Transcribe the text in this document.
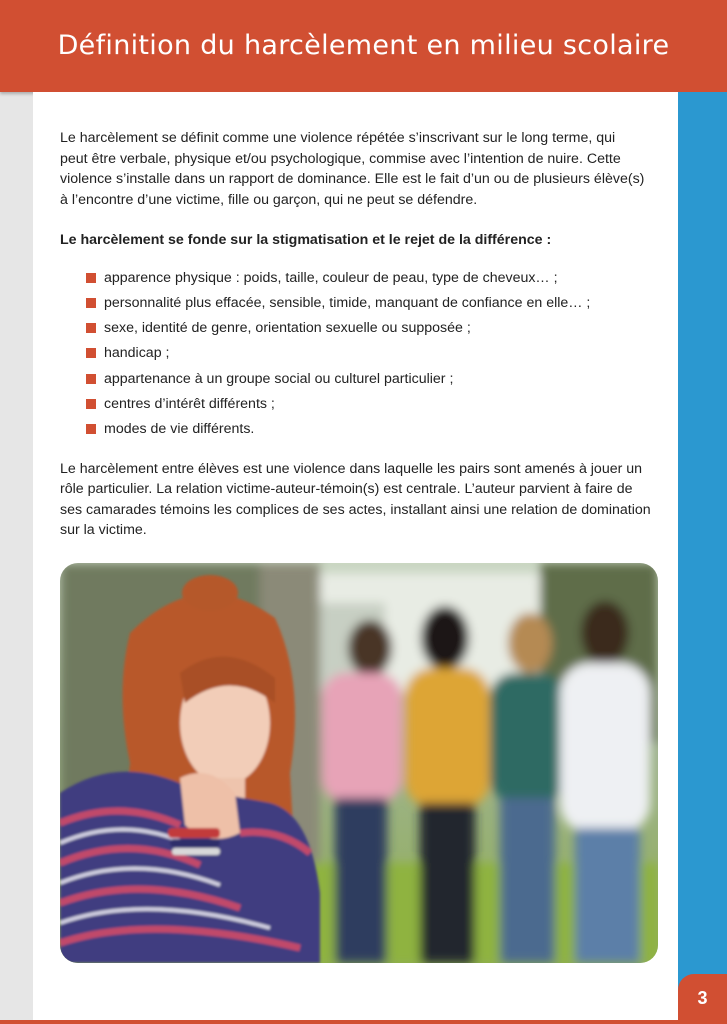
Définition du harcèlement en milieu scolaire

Le harcèlement se définit comme une violence répétée s’inscrivant sur le long terme, qui
peut être verbale, physique et/ou psychologique, commise avec l’intention de nuire. Cette
violence s’installe dans un rapport de dominance. Elle est le fait d’un ou de plusieurs élève(s)
à l’encontre d’une victime, fille ou garçon, qui ne peut se défendre.

Le harcèlement se fonde sur la stigmatisation et le rejet de la différence :

apparence physique : poids, taille, couleur de peau, type de cheveux… ;
personnalité plus effacée, sensible, timide, manquant de confiance en elle… ;
sexe, identité de genre, orientation sexuelle ou supposée ;
handicap ;
appartenance à un groupe social ou culturel particulier ;
centres d’intérêt différents ;
modes de vie différents.

Le harcèlement entre élèves est une violence dans laquelle les pairs sont amenés à jouer un
rôle particulier. La relation victime-auteur-témoin(s) est centrale. L’auteur parvient à faire de
ses camarades témoins les complices de ses actes, installant ainsi une relation de domination
sur la victime.

3
